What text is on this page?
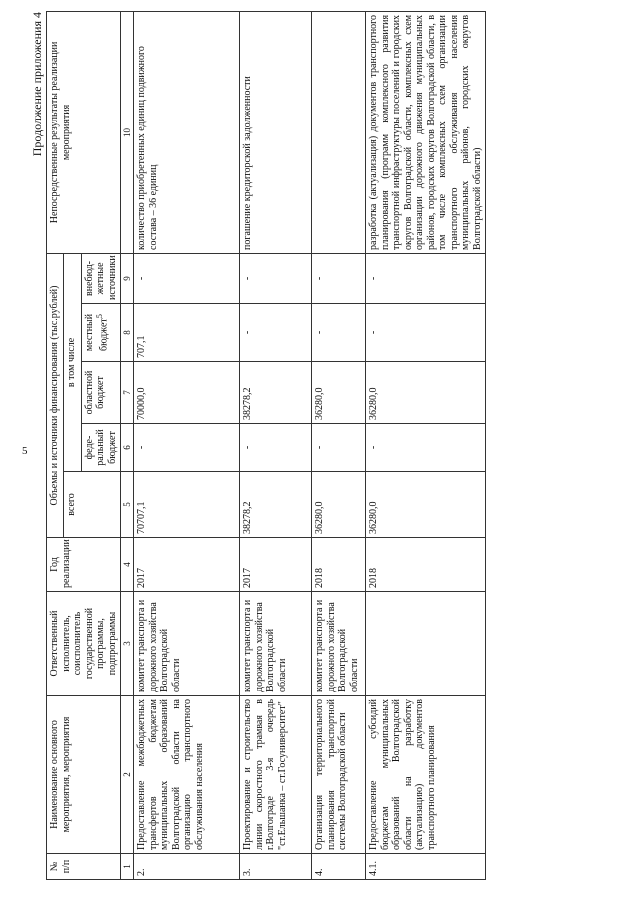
5
Продолжение приложения 4
№ п/п	Наименование основного мероприятия, мероприятия	Ответственный исполнитель, соисполнитель государственной программы, подпрограммы	Год реализации	Объемы и источники финансирования (тыс.рублей)					Непосредственные результаты реализации мероприятия
				всего	в том числе				
					феде-ральный бюджет	областной бюджет	местный бюджет$^5$	внебюд-жетные источники	
1	2	3	4	5	6	7	8	9	10
2.	Предоставление межбюджетных трансфертов бюджетам муниципальных образований Волгоградской области на организацию транспортного обслуживания населения	комитет транспорта и дорожного хозяйства Волгоградской области	2017	70707,1	-	70000,0	707,1	-	количество приобретенных единиц подвижного состава – 36 единиц
3.	Проектирование и строительство линии скоростного трамвая в г.Волгограде 3-я очередь "ст.Ельшанка – ст.Госуниверситет"	комитет транспорта и дорожного хозяйства Волгоградской области	2017	38278,2	-	38278,2	-	-	погашение кредиторской задолженности
4.	Организация территориального планирования транспортной системы Волгоградской области	комитет транспорта и дорожного хозяйства Волгоградской области	2018	36280,0	-	36280,0	-	-	
4.1.	Предоставление субсидий бюджетам муниципальных образований Волгоградской области на разработку (актуализацию) документов транспортного планирования		2018	36280,0	-	36280,0	-	-	разработка (актуализация) документов транспортного планирования (программ комплексного развития транспортной инфраструктуры поселений и городских округов Волгоградской области, комплексных схем организации дорожного движения муниципальных районов, городских округов Волгоградской области, в том числе комплексных схем организации транспортного обслуживания населения муниципальных районов, городских округов Волгоградской области)
